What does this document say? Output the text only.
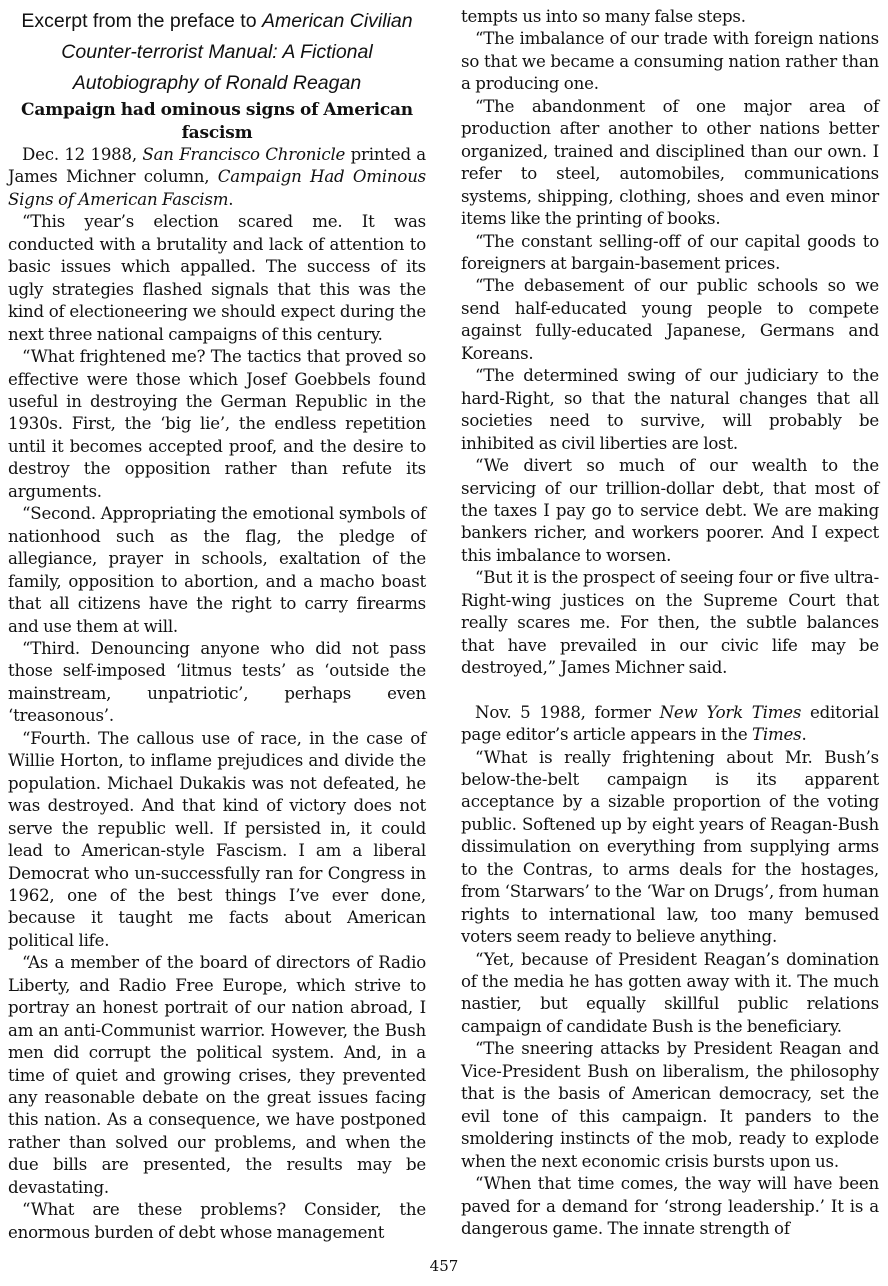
Excerpt from the preface to American Civilian Counter-terrorist Manual: A Fictional Autobiography of Ronald Reagan
Campaign had ominous signs of American fascism

Dec. 12 1988, San Francisco Chronicle printed a James Michner column, Campaign Had Ominous Signs of American Fascism.

“This year’s election scared me. It was conducted with a brutality and lack of attention to basic issues which appalled. The success of its ugly strategies flashed signals that this was the kind of electioneering we should expect during the next three national campaigns of this century.

“What frightened me? The tactics that proved so effective were those which Josef Goebbels found useful in destroying the German Republic in the 1930s. First, the ‘big lie’, the endless repetition until it becomes accepted proof, and the desire to destroy the opposition rather than refute its arguments.

“Second. Appropriating the emotional symbols of nationhood such as the flag, the pledge of allegiance, prayer in schools, exaltation of the family, opposition to abortion, and a macho boast that all citizens have the right to carry firearms and use them at will.

“Third. Denouncing anyone who did not pass those self-imposed ‘litmus tests’ as ‘outside the mainstream, unpatriotic’, perhaps even ‘treasonous’.

“Fourth. The callous use of race, in the case of Willie Horton, to inflame prejudices and divide the population. Michael Dukakis was not defeated, he was destroyed. And that kind of victory does not serve the republic well. If persisted in, it could lead to American-style Fascism. I am a liberal Democrat who un-successfully ran for Congress in 1962, one of the best things I’ve ever done, because it taught me facts about American political life.

“As a member of the board of directors of Radio Liberty, and Radio Free Europe, which strive to portray an honest portrait of our nation abroad, I am an anti-Communist warrior. However, the Bush men did corrupt the political system. And, in a time of quiet and growing crises, they prevented any reasonable debate on the great issues facing this nation. As a consequence, we have postponed rather than solved our problems, and when the due bills are presented, the results may be devastating.

“What are these problems? Consider, the enormous burden of debt whose management

tempts us into so many false steps.

“The imbalance of our trade with foreign nations so that we became a consuming nation rather than a producing one.

“The abandonment of one major area of production after another to other nations better organized, trained and disciplined than our own. I refer to steel, automobiles, communications systems, shipping, clothing, shoes and even minor items like the printing of books.

“The constant selling-off of our capital goods to foreigners at bargain-basement prices.

“The debasement of our public schools so we send half-educated young people to compete against fully-educated Japanese, Germans and Koreans.

“The determined swing of our judiciary to the hard-Right, so that the natural changes that all societies need to survive, will probably be inhibited as civil liberties are lost.

“We divert so much of our wealth to the servicing of our trillion-dollar debt, that most of the taxes I pay go to service debt. We are making bankers richer, and workers poorer. And I expect this imbalance to worsen.

“But it is the prospect of seeing four or five ultra-Right-wing justices on the Supreme Court that really scares me. For then, the subtle balances that have prevailed in our civic life may be destroyed,” James Michner said.

Nov. 5 1988, former New York Times editorial page editor’s article appears in the Times.

“What is really frightening about Mr. Bush’s below-the-belt campaign is its apparent acceptance by a sizable proportion of the voting public. Softened up by eight years of Reagan-Bush dissimulation on everything from supplying arms to the Contras, to arms deals for the hostages, from ‘Starwars’ to the ‘War on Drugs’, from human rights to international law, too many bemused voters seem ready to believe anything.

“Yet, because of President Reagan’s domination of the media he has gotten away with it. The much nastier, but equally skillful public relations campaign of candidate Bush is the beneficiary.

“The sneering attacks by President Reagan and Vice-President Bush on liberalism, the philosophy that is the basis of American democracy, set the evil tone of this campaign. It panders to the smoldering instincts of the mob, ready to explode when the next economic crisis bursts upon us.

“When that time comes, the way will have been paved for a demand for ‘strong leadership.’ It is a dangerous game. The innate strength of

457
